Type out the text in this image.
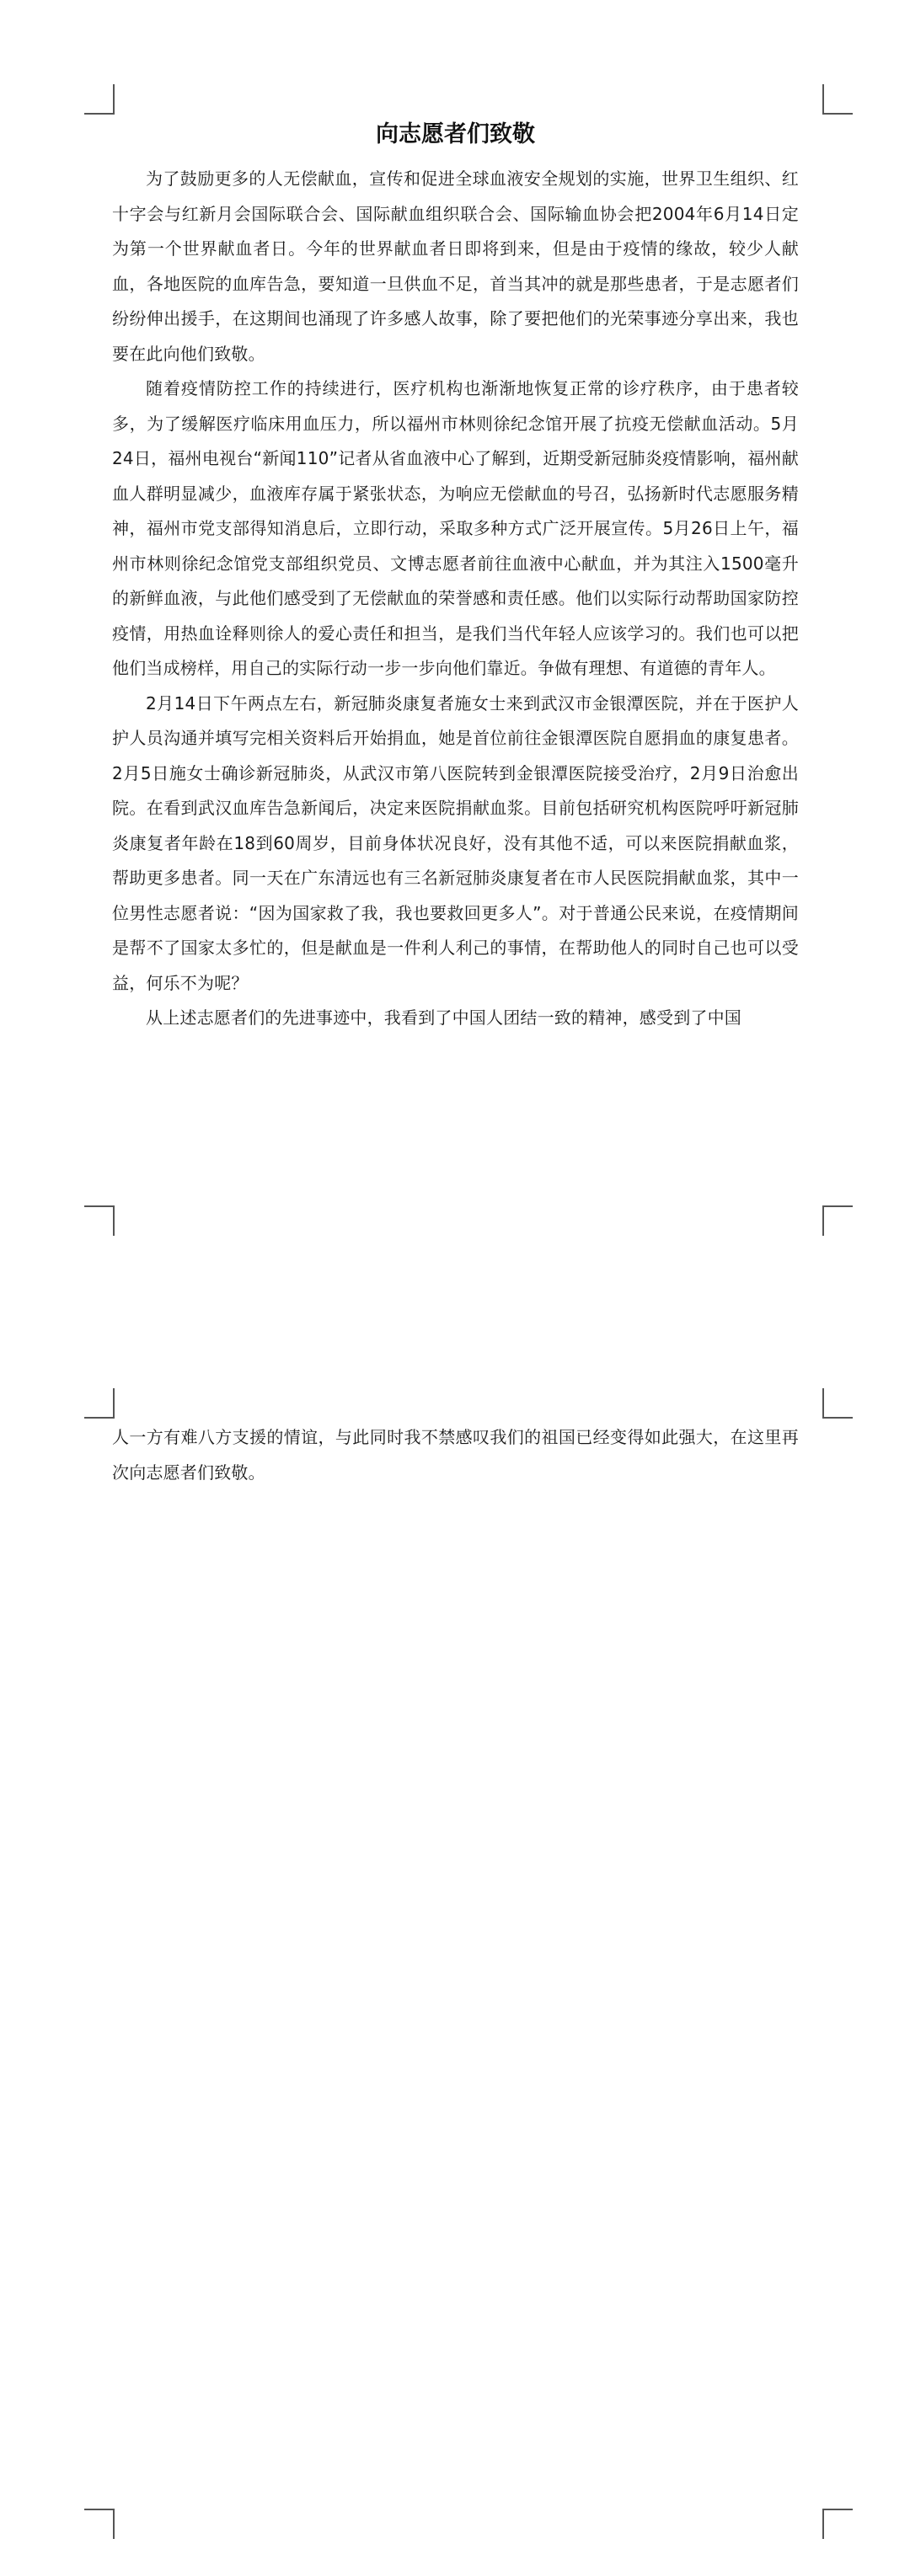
向志愿者们致敬

为了鼓励更多的人无偿献血，宣传和促进全球血液安全规划的实施，世界卫生组织、红十字会与红新月会国际联合会、国际献血组织联合会、国际输血协会把2004年6月14日定为第一个世界献血者日。今年的世界献血者日即将到来，但是由于疫情的缘故，较少人献血，各地医院的血库告急，要知道一旦供血不足，首当其冲的就是那些患者，于是志愿者们纷纷伸出援手，在这期间也涌现了许多感人故事，除了要把他们的光荣事迹分享出来，我也要在此向他们致敬。

随着疫情防控工作的持续进行，医疗机构也渐渐地恢复正常的诊疗秩序，由于患者较多，为了缓解医疗临床用血压力，所以福州市林则徐纪念馆开展了抗疫无偿献血活动。5月24日，福州电视台“新闻110”记者从省血液中心了解到，近期受新冠肺炎疫情影响，福州献血人群明显减少，血液库存属于紧张状态，为响应无偿献血的号召，弘扬新时代志愿服务精神，福州市党支部得知消息后，立即行动，采取多种方式广泛开展宣传。5月26日上午，福州市林则徐纪念馆党支部组织党员、文博志愿者前往血液中心献血，并为其注入1500毫升的新鲜血液，与此他们感受到了无偿献血的荣誉感和责任感。他们以实际行动帮助国家防控疫情，用热血诠释则徐人的爱心责任和担当，是我们当代年轻人应该学习的。我们也可以把他们当成榜样，用自己的实际行动一步一步向他们靠近。争做有理想、有道德的青年人。

2月14日下午两点左右，新冠肺炎康复者施女士来到武汉市金银潭医院，并在于医护人护人员沟通并填写完相关资料后开始捐血，她是首位前往金银潭医院自愿捐血的康复患者。2月5日施女士确诊新冠肺炎，从武汉市第八医院转到金银潭医院接受治疗，2月9日治愈出院。在看到武汉血库告急新闻后，决定来医院捐献血浆。目前包括研究机构医院呼吁新冠肺炎康复者年龄在18到60周岁，目前身体状况良好，没有其他不适，可以来医院捐献血浆，帮助更多患者。同一天在广东清远也有三名新冠肺炎康复者在市人民医院捐献血浆，其中一位男性志愿者说：“因为国家救了我，我也要救回更多人”。对于普通公民来说，在疫情期间是帮不了国家太多忙的，但是献血是一件利人利己的事情，在帮助他人的同时自己也可以受益，何乐不为呢？

从上述志愿者们的先进事迹中，我看到了中国人团结一致的精神，感受到了中国

人一方有难八方支援的情谊，与此同时我不禁感叹我们的祖国已经变得如此强大，在这里再次向志愿者们致敬。
